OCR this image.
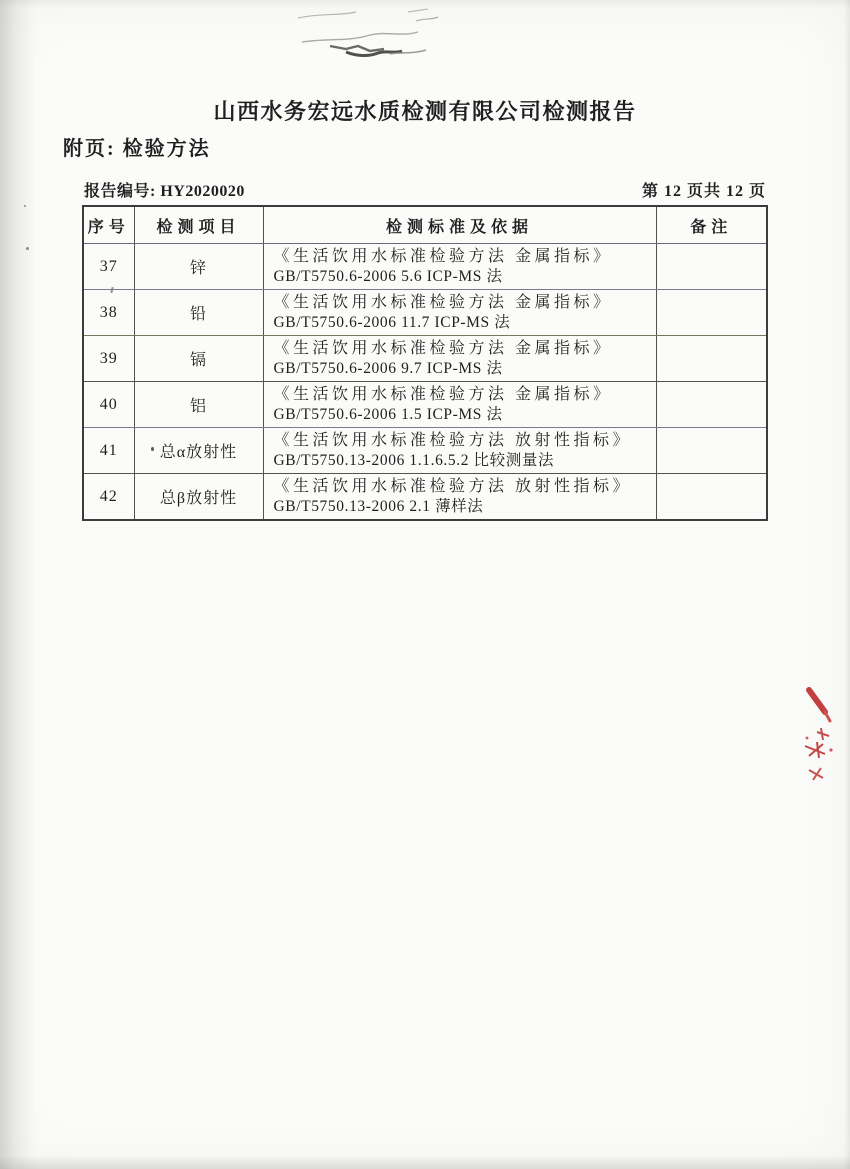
山西水务宏远水质检测有限公司检测报告
附页: 检验方法
报告编号: HY2020020	第 12 页共 12 页
序号	检测项目	检测标准及依据	备注
37	锌	《生活饮用水标准检验方法 金属指标》
GB/T5750.6-2006 5.6 ICP-MS 法	

38	铅	《生活饮用水标准检验方法 金属指标》
GB/T5750.6-2006 11.7 ICP-MS 法	

39	镉	《生活饮用水标准检验方法 金属指标》
GB/T5750.6-2006 9.7 ICP-MS 法	

40	铝	《生活饮用水标准检验方法 金属指标》
GB/T5750.6-2006 1.5 ICP-MS 法	

41	总α放射性	《生活饮用水标准检验方法 放射性指标》
GB/T5750.13-2006 1.1.6.5.2 比较测量法	

42	总β放射性	《生活饮用水标准检验方法 放射性指标》
GB/T5750.13-2006 2.1 薄样法	
